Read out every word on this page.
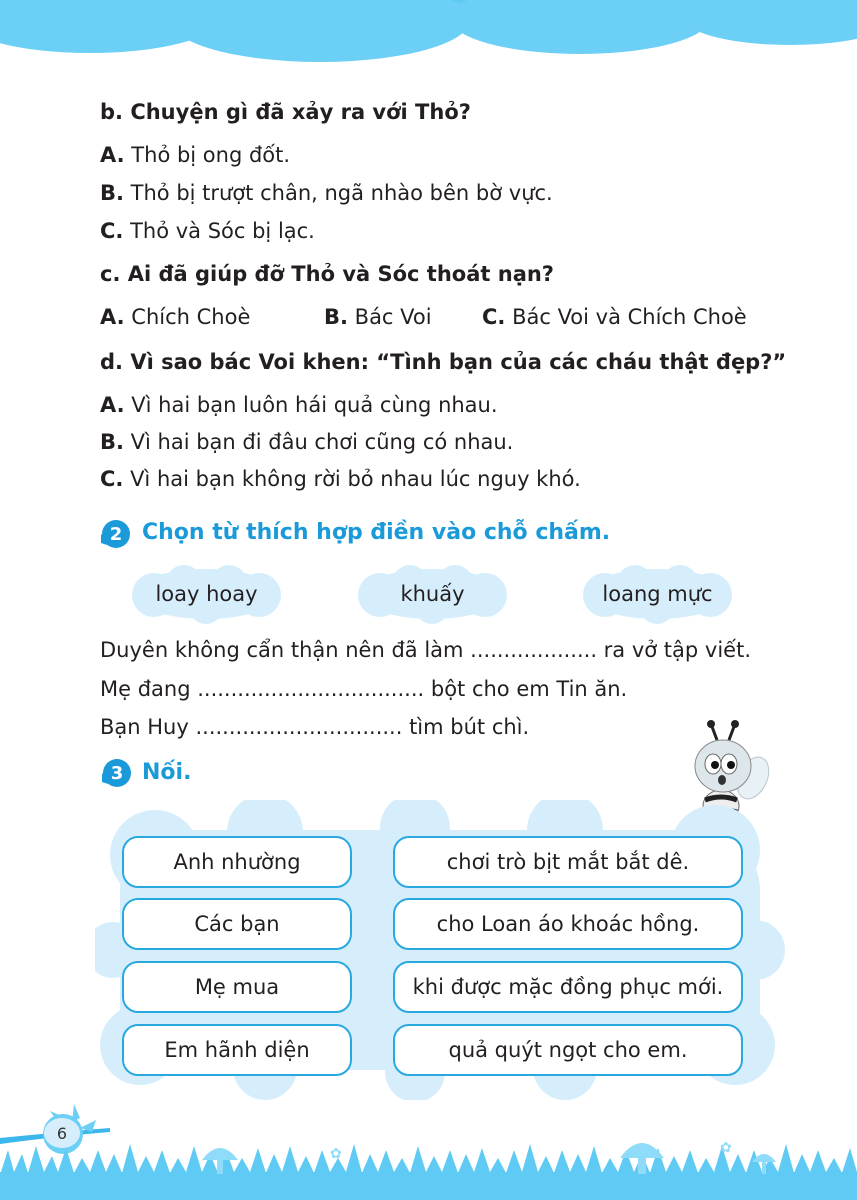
b. Chuyện gì đã xảy ra với Thỏ?
A. Thỏ bị ong đốt.
B. Thỏ bị trượt chân, ngã nhào bên bờ vực.
C. Thỏ và Sóc bị lạc.
c. Ai đã giúp đỡ Thỏ và Sóc thoát nạn?
A. Chích Choè	B. Bác Voi C. Bác Voi và Chích Choè
d. Vì sao bác Voi khen: “Tình bạn của các cháu thật đẹp?”
A. Vì hai bạn luôn hái quả cùng nhau.
B. Vì hai bạn đi đâu chơi cũng có nhau.
C. Vì hai bạn không rời bỏ nhau lúc nguy khó.
2 Chọn từ thích hợp điền vào chỗ chấm.
loay hoay	khuấy	loang mực
Duyên không cẩn thận nên đã làm ................... ra vở tập viết.
Mẹ đang .................................. bột cho em Tin ăn.
Bạn Huy ............................... tìm bút chì.
3 Nối.
Anh nhường
Các bạn
Mẹ mua
Em hãnh diện
chơi trò bịt mắt bắt dê.
cho Loan áo khoác hồng.
khi được mặc đồng phục mới.
quả quýt ngọt cho em.
✿	✿
6
